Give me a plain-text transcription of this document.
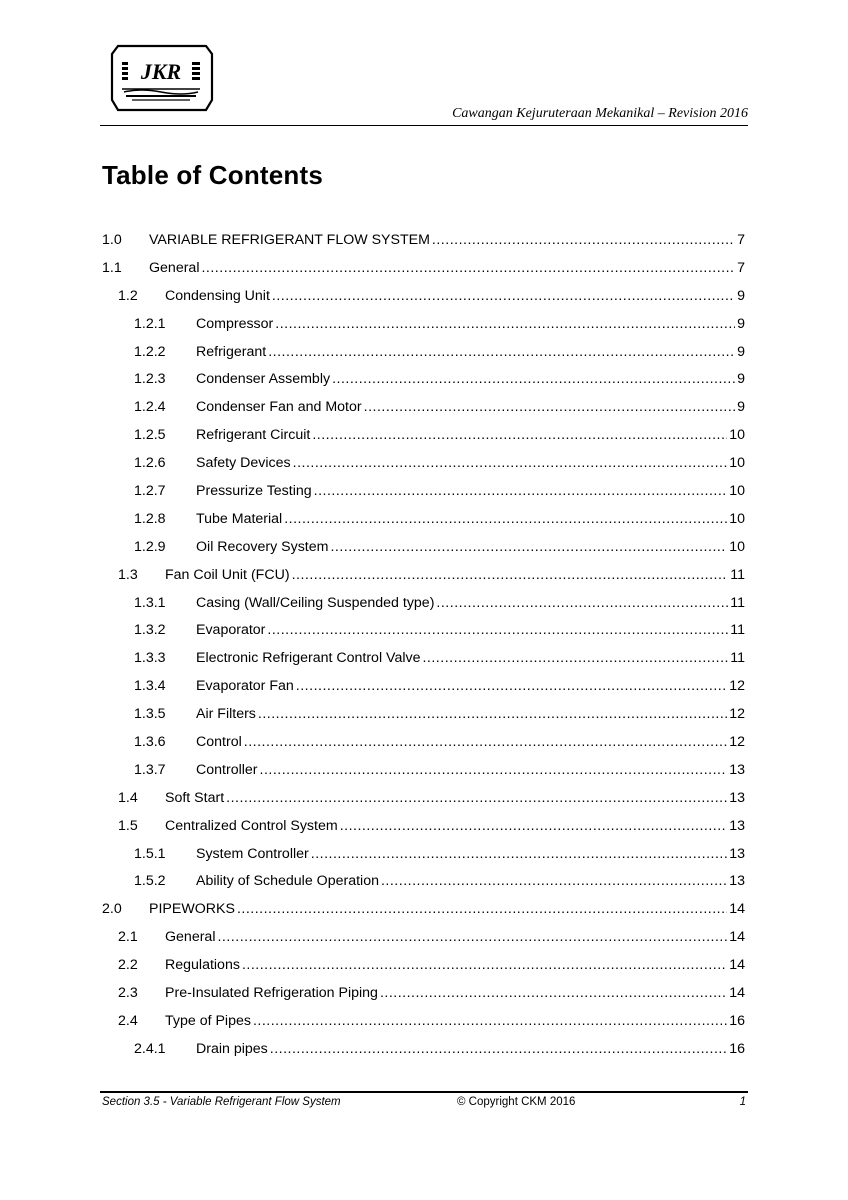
JKR
Cawangan Kejuruteraan Mekanikal – Revision 2016
Table of Contents
1.0	VARIABLE REFRIGERANT FLOW SYSTEM .....	7
1.1	General .....	7
1.2	Condensing Unit .....	9
1.2.1	Compressor .....	9
1.2.2	Refrigerant .....	9
1.2.3	Condenser Assembly .....	9
1.2.4	Condenser Fan and Motor .....	9
1.2.5	Refrigerant Circuit .....	10
1.2.6	Safety Devices .....	10
1.2.7	Pressurize Testing .....	10
1.2.8	Tube Material .....	10
1.2.9	Oil Recovery System .....	10
1.3	Fan Coil Unit (FCU) .....	11
1.3.1	Casing (Wall/Ceiling Suspended type) .....	11
1.3.2	Evaporator .....	11
1.3.3	Electronic Refrigerant Control Valve .....	11
1.3.4	Evaporator Fan .....	12
1.3.5	Air Filters .....	12
1.3.6	Control .....	12
1.3.7	Controller .....	13
1.4	Soft Start .....	13
1.5	Centralized Control System .....	13
1.5.1	System Controller .....	13
1.5.2	Ability of Schedule Operation .....	13
2.0	PIPEWORKS .....	14
2.1	General .....	14
2.2	Regulations .....	14
2.3	Pre-Insulated Refrigeration Piping .....	14
2.4	Type of Pipes .....	16
2.4.1	Drain pipes .....	16
Section 3.5 - Variable Refrigerant Flow System	© Copyright CKM 2016	1
